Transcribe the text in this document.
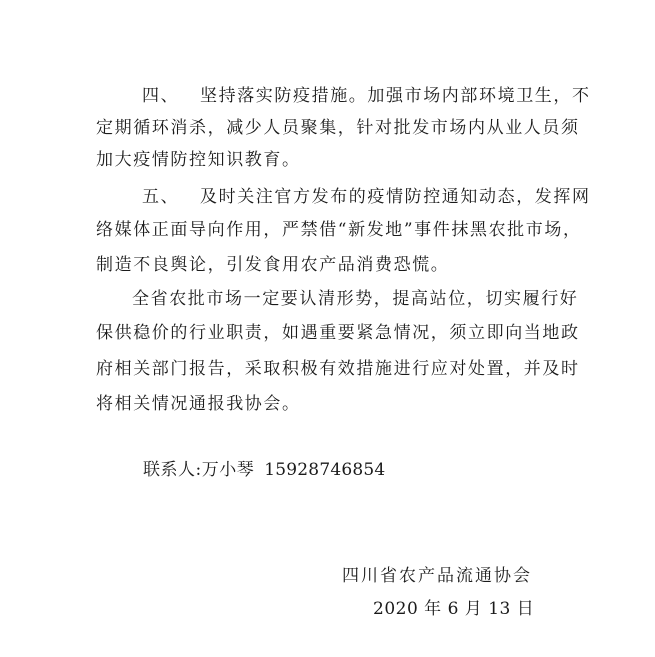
四、 坚持落实防疫措施。加强市场内部环境卫生，不
定期循环消杀，减少人员聚集，针对批发市场内从业人员须
加大疫情防控知识教育。
五、 及时关注官方发布的疫情防控通知动态，发挥网
络媒体正面导向作用，严禁借“新发地”事件抹黑农批市场，
制造不良舆论，引发食用农产品消费恐慌。
全省农批市场一定要认清形势，提高站位，切实履行好
保供稳价的行业职责，如遇重要紧急情况，须立即向当地政
府相关部门报告，采取积极有效措施进行应对处置，并及时
将相关情况通报我协会。
联系人:万小琴 15928746854
四川省农产品流通协会
2020 年 6 月 13 日
